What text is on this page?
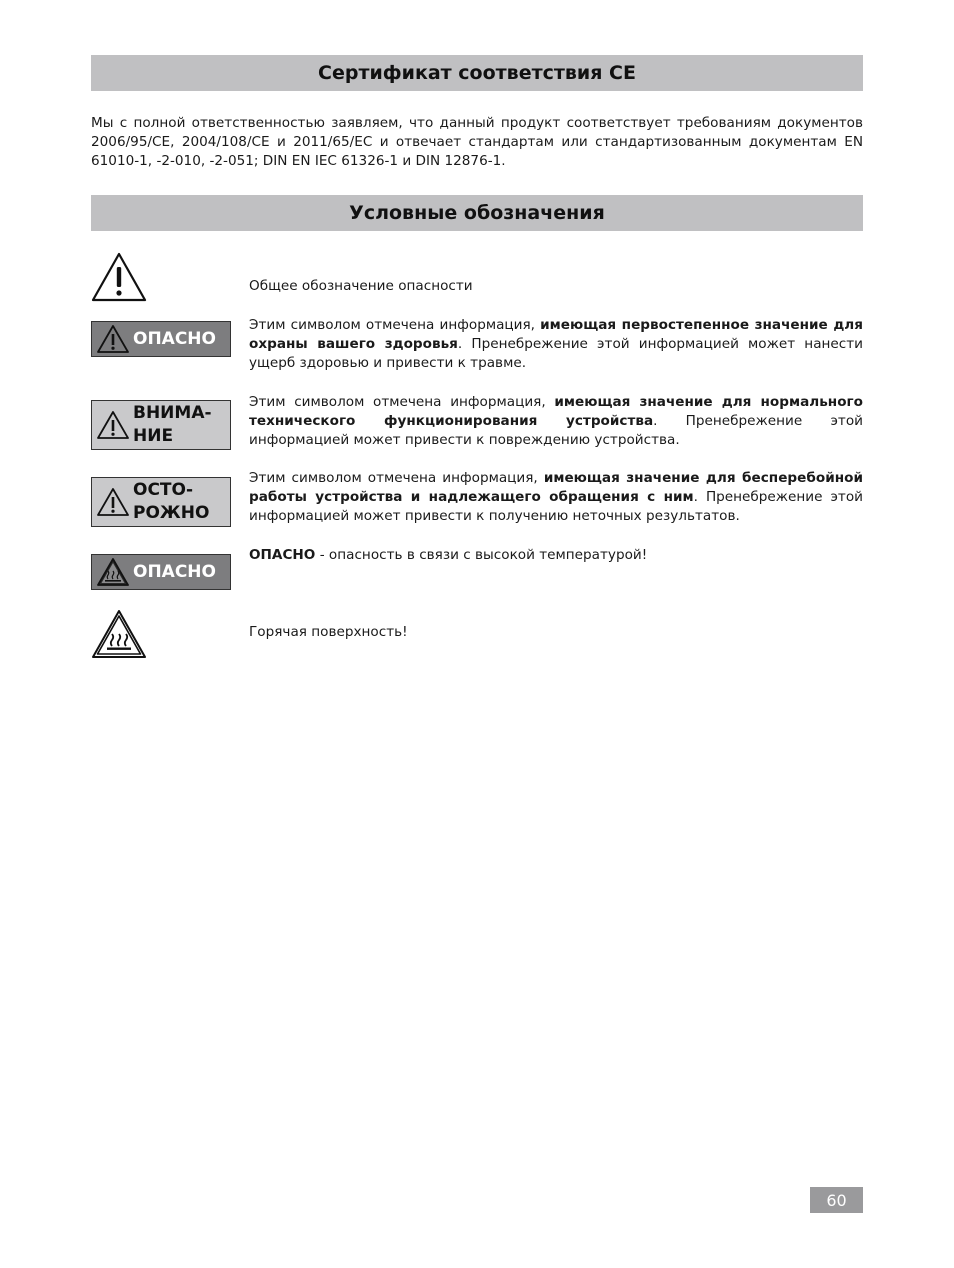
Сертификат соответствия CE

Мы с полной ответственностью заявляем, что данный продукт соответствует требованиям документов 2006/95/CE, 2004/108/CE и 2011/65/EC и отвечает стандартам или стандартизованным документам EN 61010-1, -2-010, -2-051; DIN EN IEC 61326-1 и DIN 12876-1.

Условные обозначения

Общее обозначение опасности

ОПАСНО

Этим символом отмечена информация, имеющая первостепенное значение для охраны вашего здоровья. Пренебрежение этой информацией может нанести ущерб здоровью и привести к травме.

ВНИМА-
НИЕ

Этим символом отмечена информация, имеющая значение для нормального технического функционирования устройства. Пренебрежение этой информацией может привести к повреждению устройства.

ОСТО-
РОЖНО

Этим символом отмечена информация, имеющая значение для бесперебойной работы устройства и надлежащего обращения с ним. Пренебрежение этой информацией может привести к получению неточных результатов.

ОПАСНО

ОПАСНО - опасность в связи с высокой температурой!

Горячая поверхность!

60
